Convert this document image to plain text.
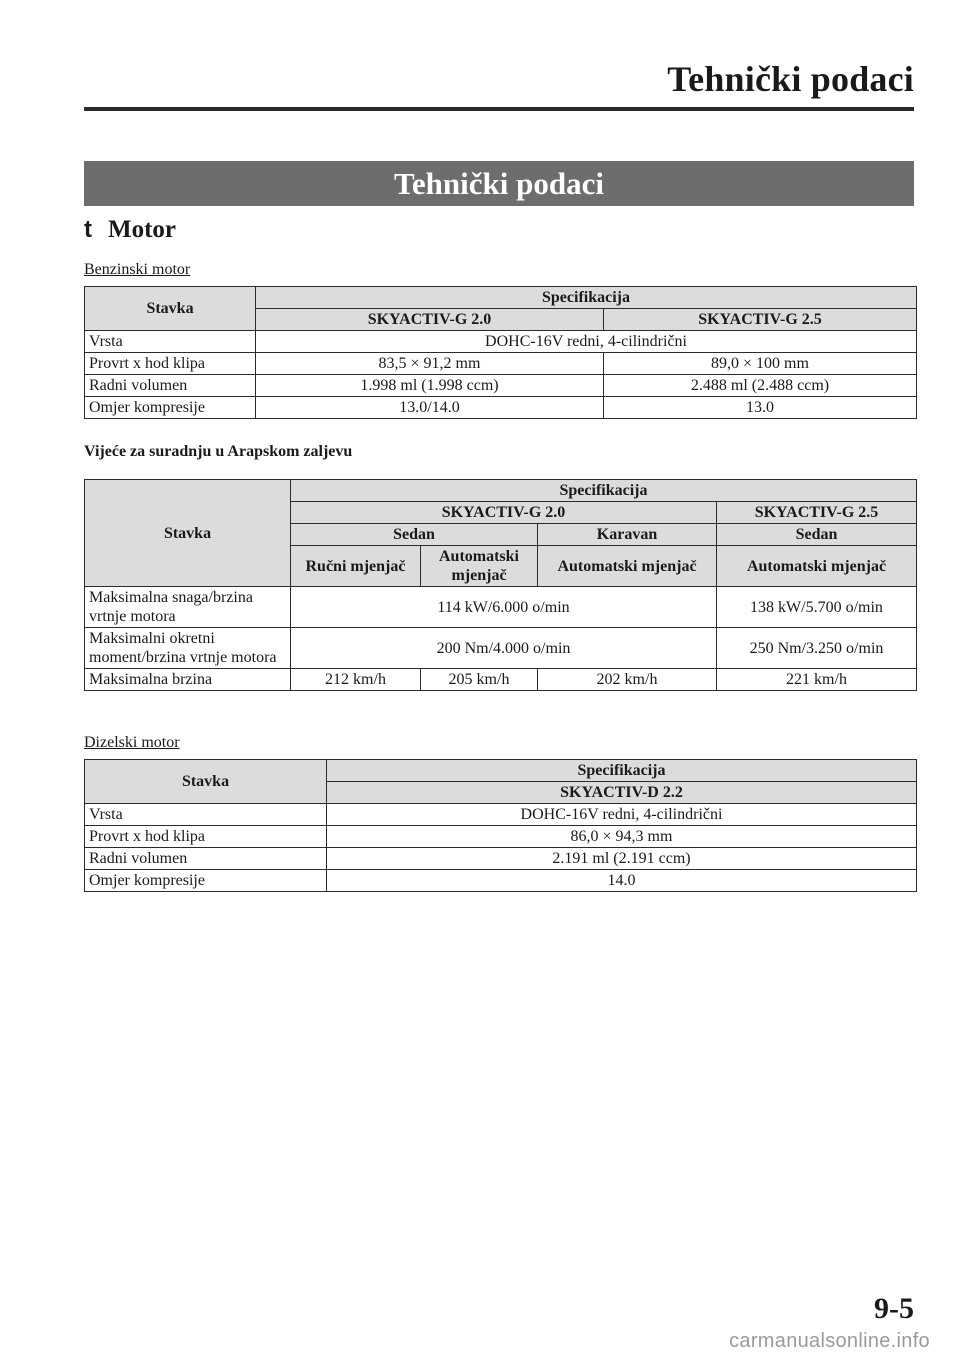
Tehnički podaci
Tehnički podaci
t Motor
Benzinski motor
Stavka	Specifikacija	
	SKYACTIV-G 2.0	SKYACTIV-G 2.5
Vrsta	DOHC-16V redni, 4-cilindrični	
Provrt x hod klipa	83,5 × 91,2 mm	89,0 × 100 mm
Radni volumen	1.998 ml (1.998 ccm)	2.488 ml (2.488 ccm)
Omjer kompresije	13.0/14.0	13.0
Vijeće za suradnju u Arapskom zaljevu
Stavka	Specifikacija			
	SKYACTIV-G 2.0			SKYACTIV-G 2.5
	Sedan		Karavan	Sedan
	Ručni mjenjač	Automatski mjenjač	Automatski mjenjač	Automatski mjenjač
Maksimalna snaga/brzina vrtnje motora	114 kW/6.000 o/min			138 kW/5.700 o/min
Maksimalni okretni moment/brzina vrtnje motora	200 Nm/4.000 o/min			250 Nm/3.250 o/min
Maksimalna brzina	212 km/h	205 km/h	202 km/h	221 km/h
Dizelski motor
Stavka	Specifikacija
	SKYACTIV-D 2.2
Vrsta	DOHC-16V redni, 4-cilindrični
Provrt x hod klipa	86,0 × 94,3 mm
Radni volumen	2.191 ml (2.191 ccm)
Omjer kompresije	14.0
9-5
carmanualsonline.info
